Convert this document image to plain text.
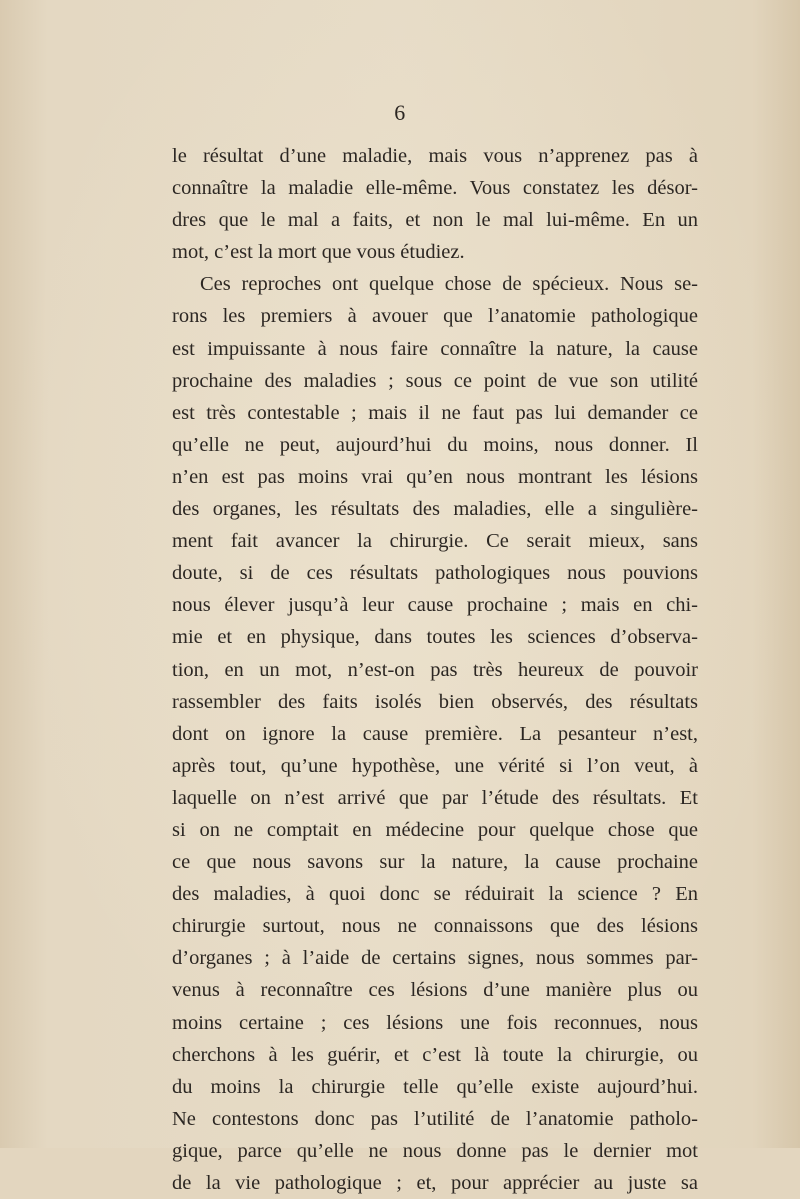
6
le résultat d’une maladie, mais vous n’apprenez pas à
connaître la maladie elle-même. Vous constatez les désor-
dres que le mal a faits, et non le mal lui-même. En un
mot, c’est la mort que vous étudiez.
Ces reproches ont quelque chose de spécieux. Nous se-
rons les premiers à avouer que l’anatomie pathologique
est impuissante à nous faire connaître la nature, la cause
prochaine des maladies ; sous ce point de vue son utilité
est très contestable ; mais il ne faut pas lui demander ce
qu’elle ne peut, aujourd’hui du moins, nous donner. Il
n’en est pas moins vrai qu’en nous montrant les lésions
des organes, les résultats des maladies, elle a singulière-
ment fait avancer la chirurgie. Ce serait mieux, sans
doute, si de ces résultats pathologiques nous pouvions
nous élever jusqu’à leur cause prochaine ; mais en chi-
mie et en physique, dans toutes les sciences d’observa-
tion, en un mot, n’est-on pas très heureux de pouvoir
rassembler des faits isolés bien observés, des résultats
dont on ignore la cause première. La pesanteur n’est,
après tout, qu’une hypothèse, une vérité si l’on veut, à
laquelle on n’est arrivé que par l’étude des résultats. Et
si on ne comptait en médecine pour quelque chose que
ce que nous savons sur la nature, la cause prochaine
des maladies, à quoi donc se réduirait la science ? En
chirurgie surtout, nous ne connaissons que des lésions
d’organes ; à l’aide de certains signes, nous sommes par-
venus à reconnaître ces lésions d’une manière plus ou
moins certaine ; ces lésions une fois reconnues, nous
cherchons à les guérir, et c’est là toute la chirurgie, ou
du moins la chirurgie telle qu’elle existe aujourd’hui.
Ne contestons donc pas l’utilité de l’anatomie patholo-
gique, parce qu’elle ne nous donne pas le dernier mot
de la vie pathologique ; et, pour apprécier au juste sa
